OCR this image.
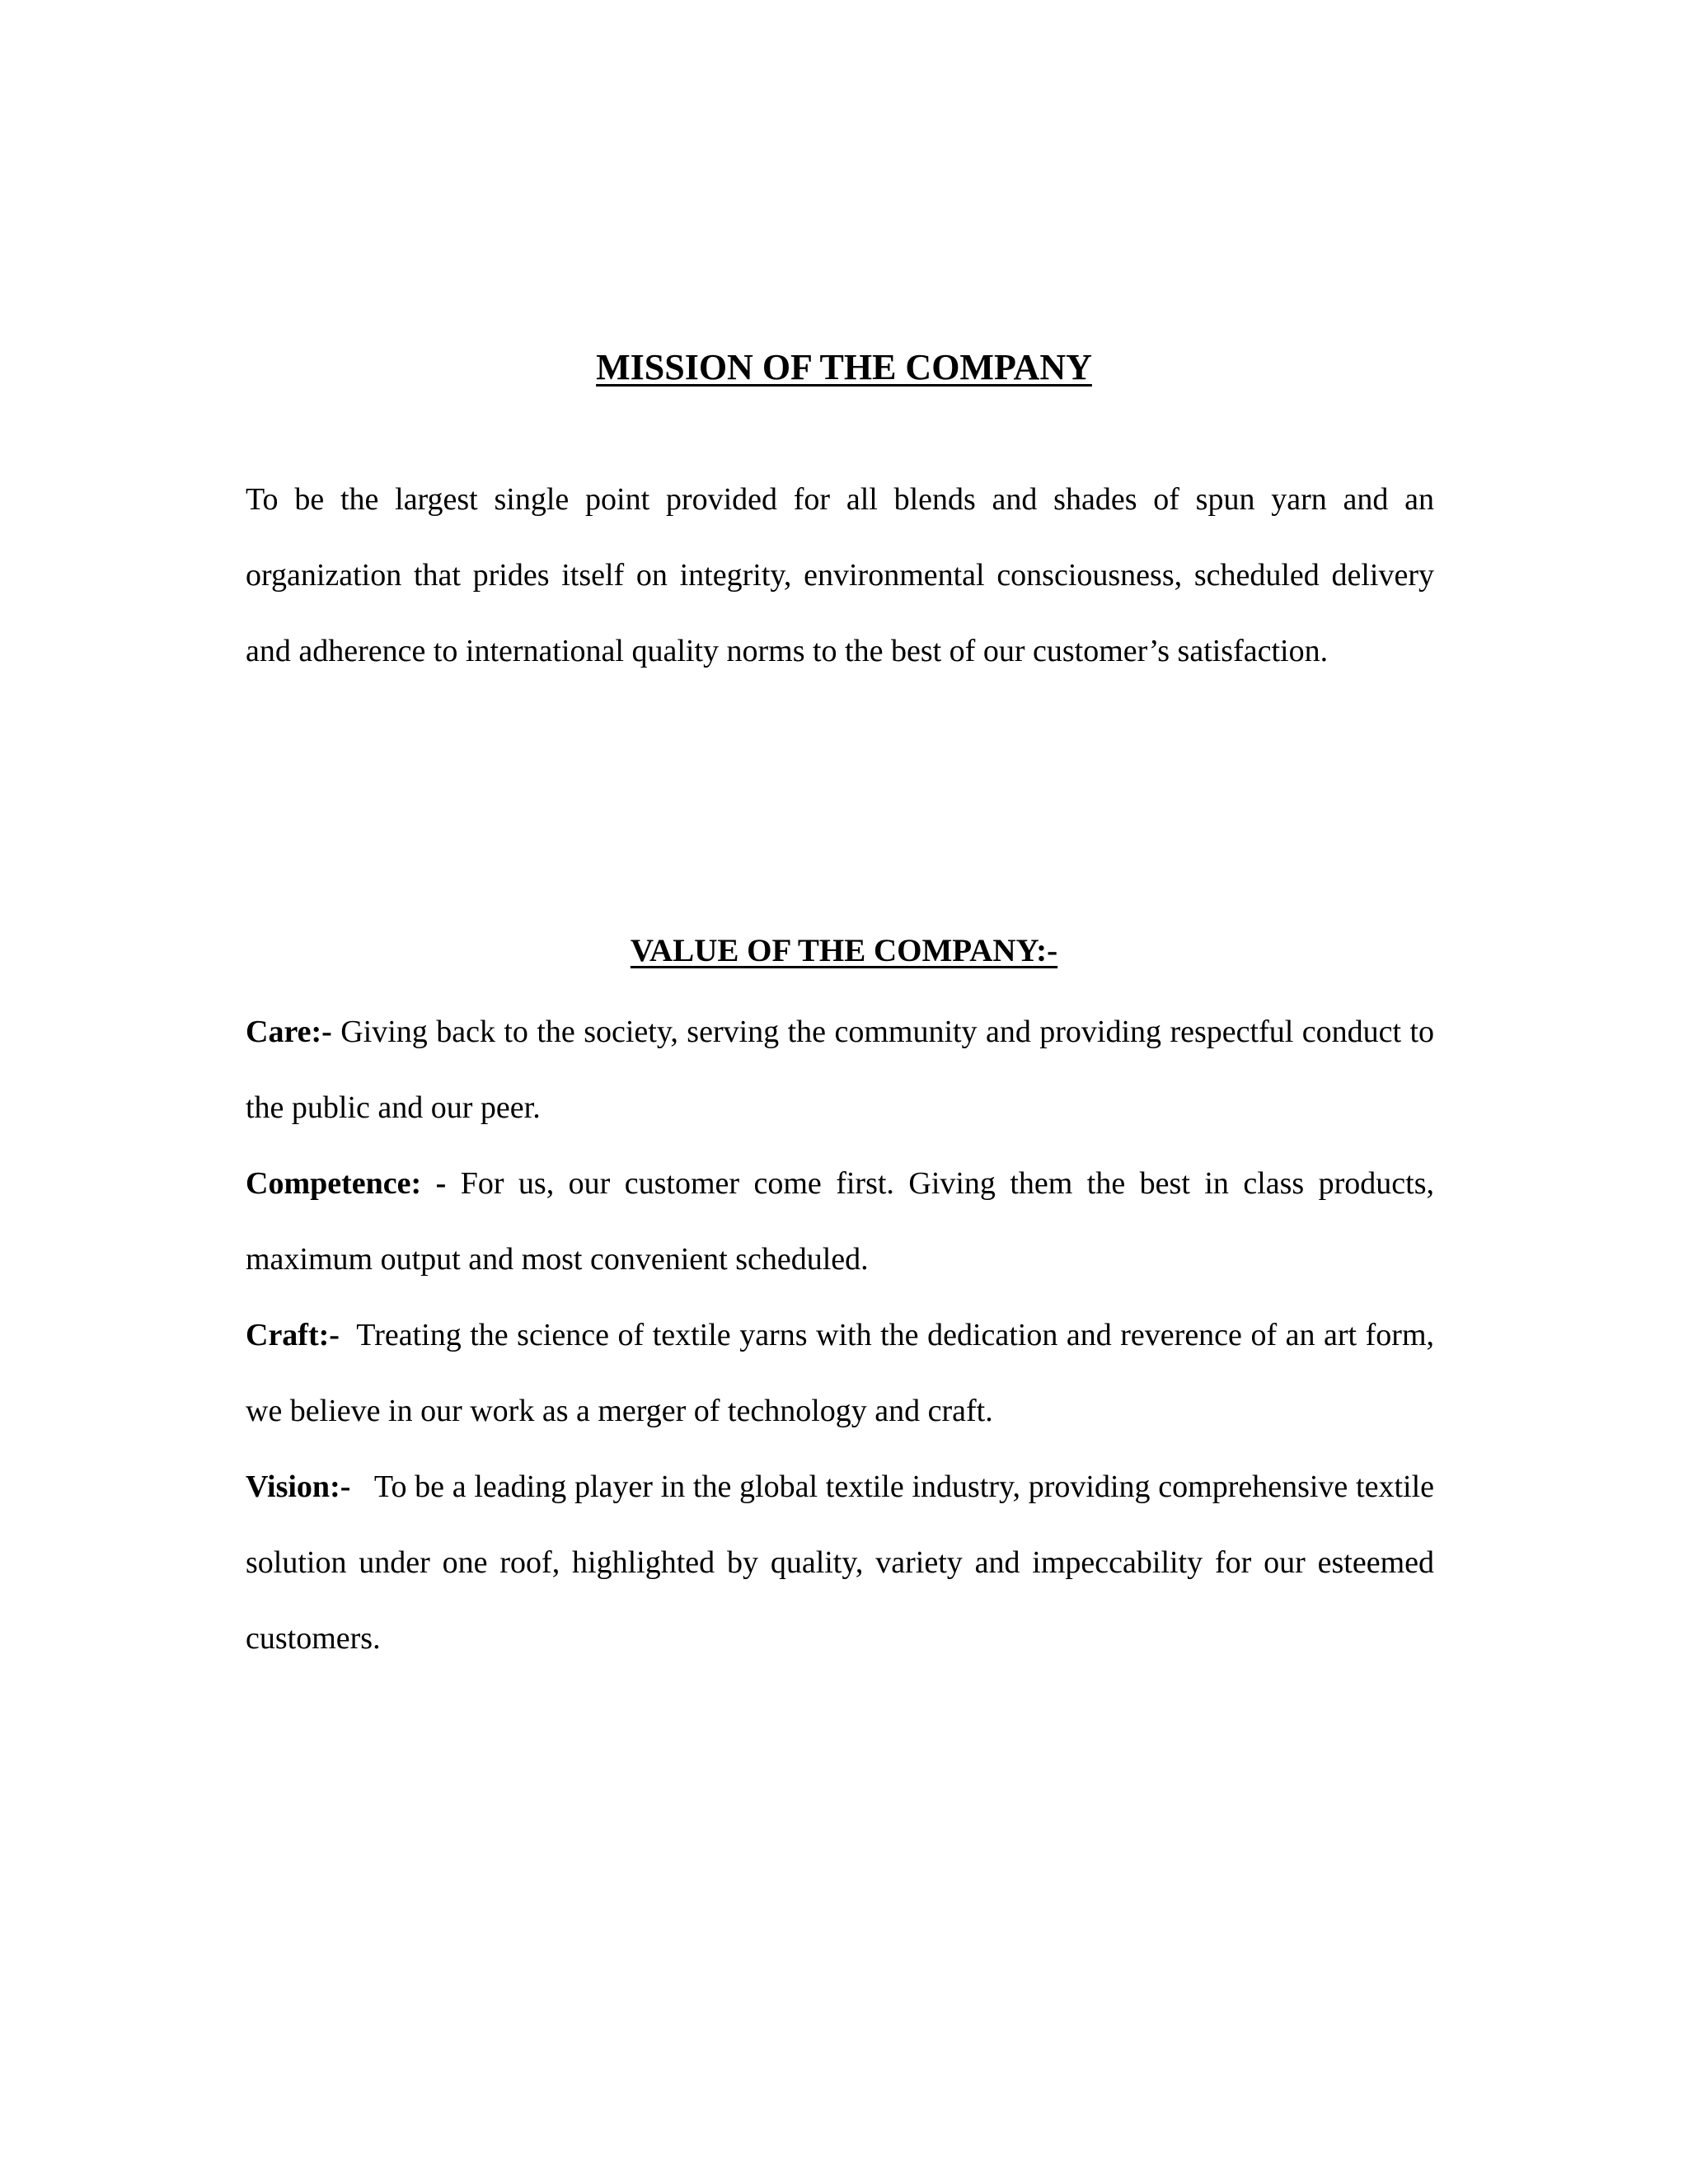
MISSION OF THE COMPANY

To be the largest single point provided for all blends and shades of spun yarn and an organization that prides itself on integrity, environmental consciousness, scheduled delivery and adherence to international quality norms to the best of our customer’s satisfaction.

VALUE OF THE COMPANY:-

Care:- Giving back to the society, serving the community and providing respectful conduct to the public and our peer.

Competence: - For us, our customer come first. Giving them the best in class products, maximum output and most convenient scheduled.

Craft:-  Treating the science of textile yarns with the dedication and reverence of an art form, we believe in our work as a merger of technology and craft.

Vision:-   To be a leading player in the global textile industry, providing comprehensive textile solution under one roof, highlighted by quality, variety and impeccability for our esteemed customers.
